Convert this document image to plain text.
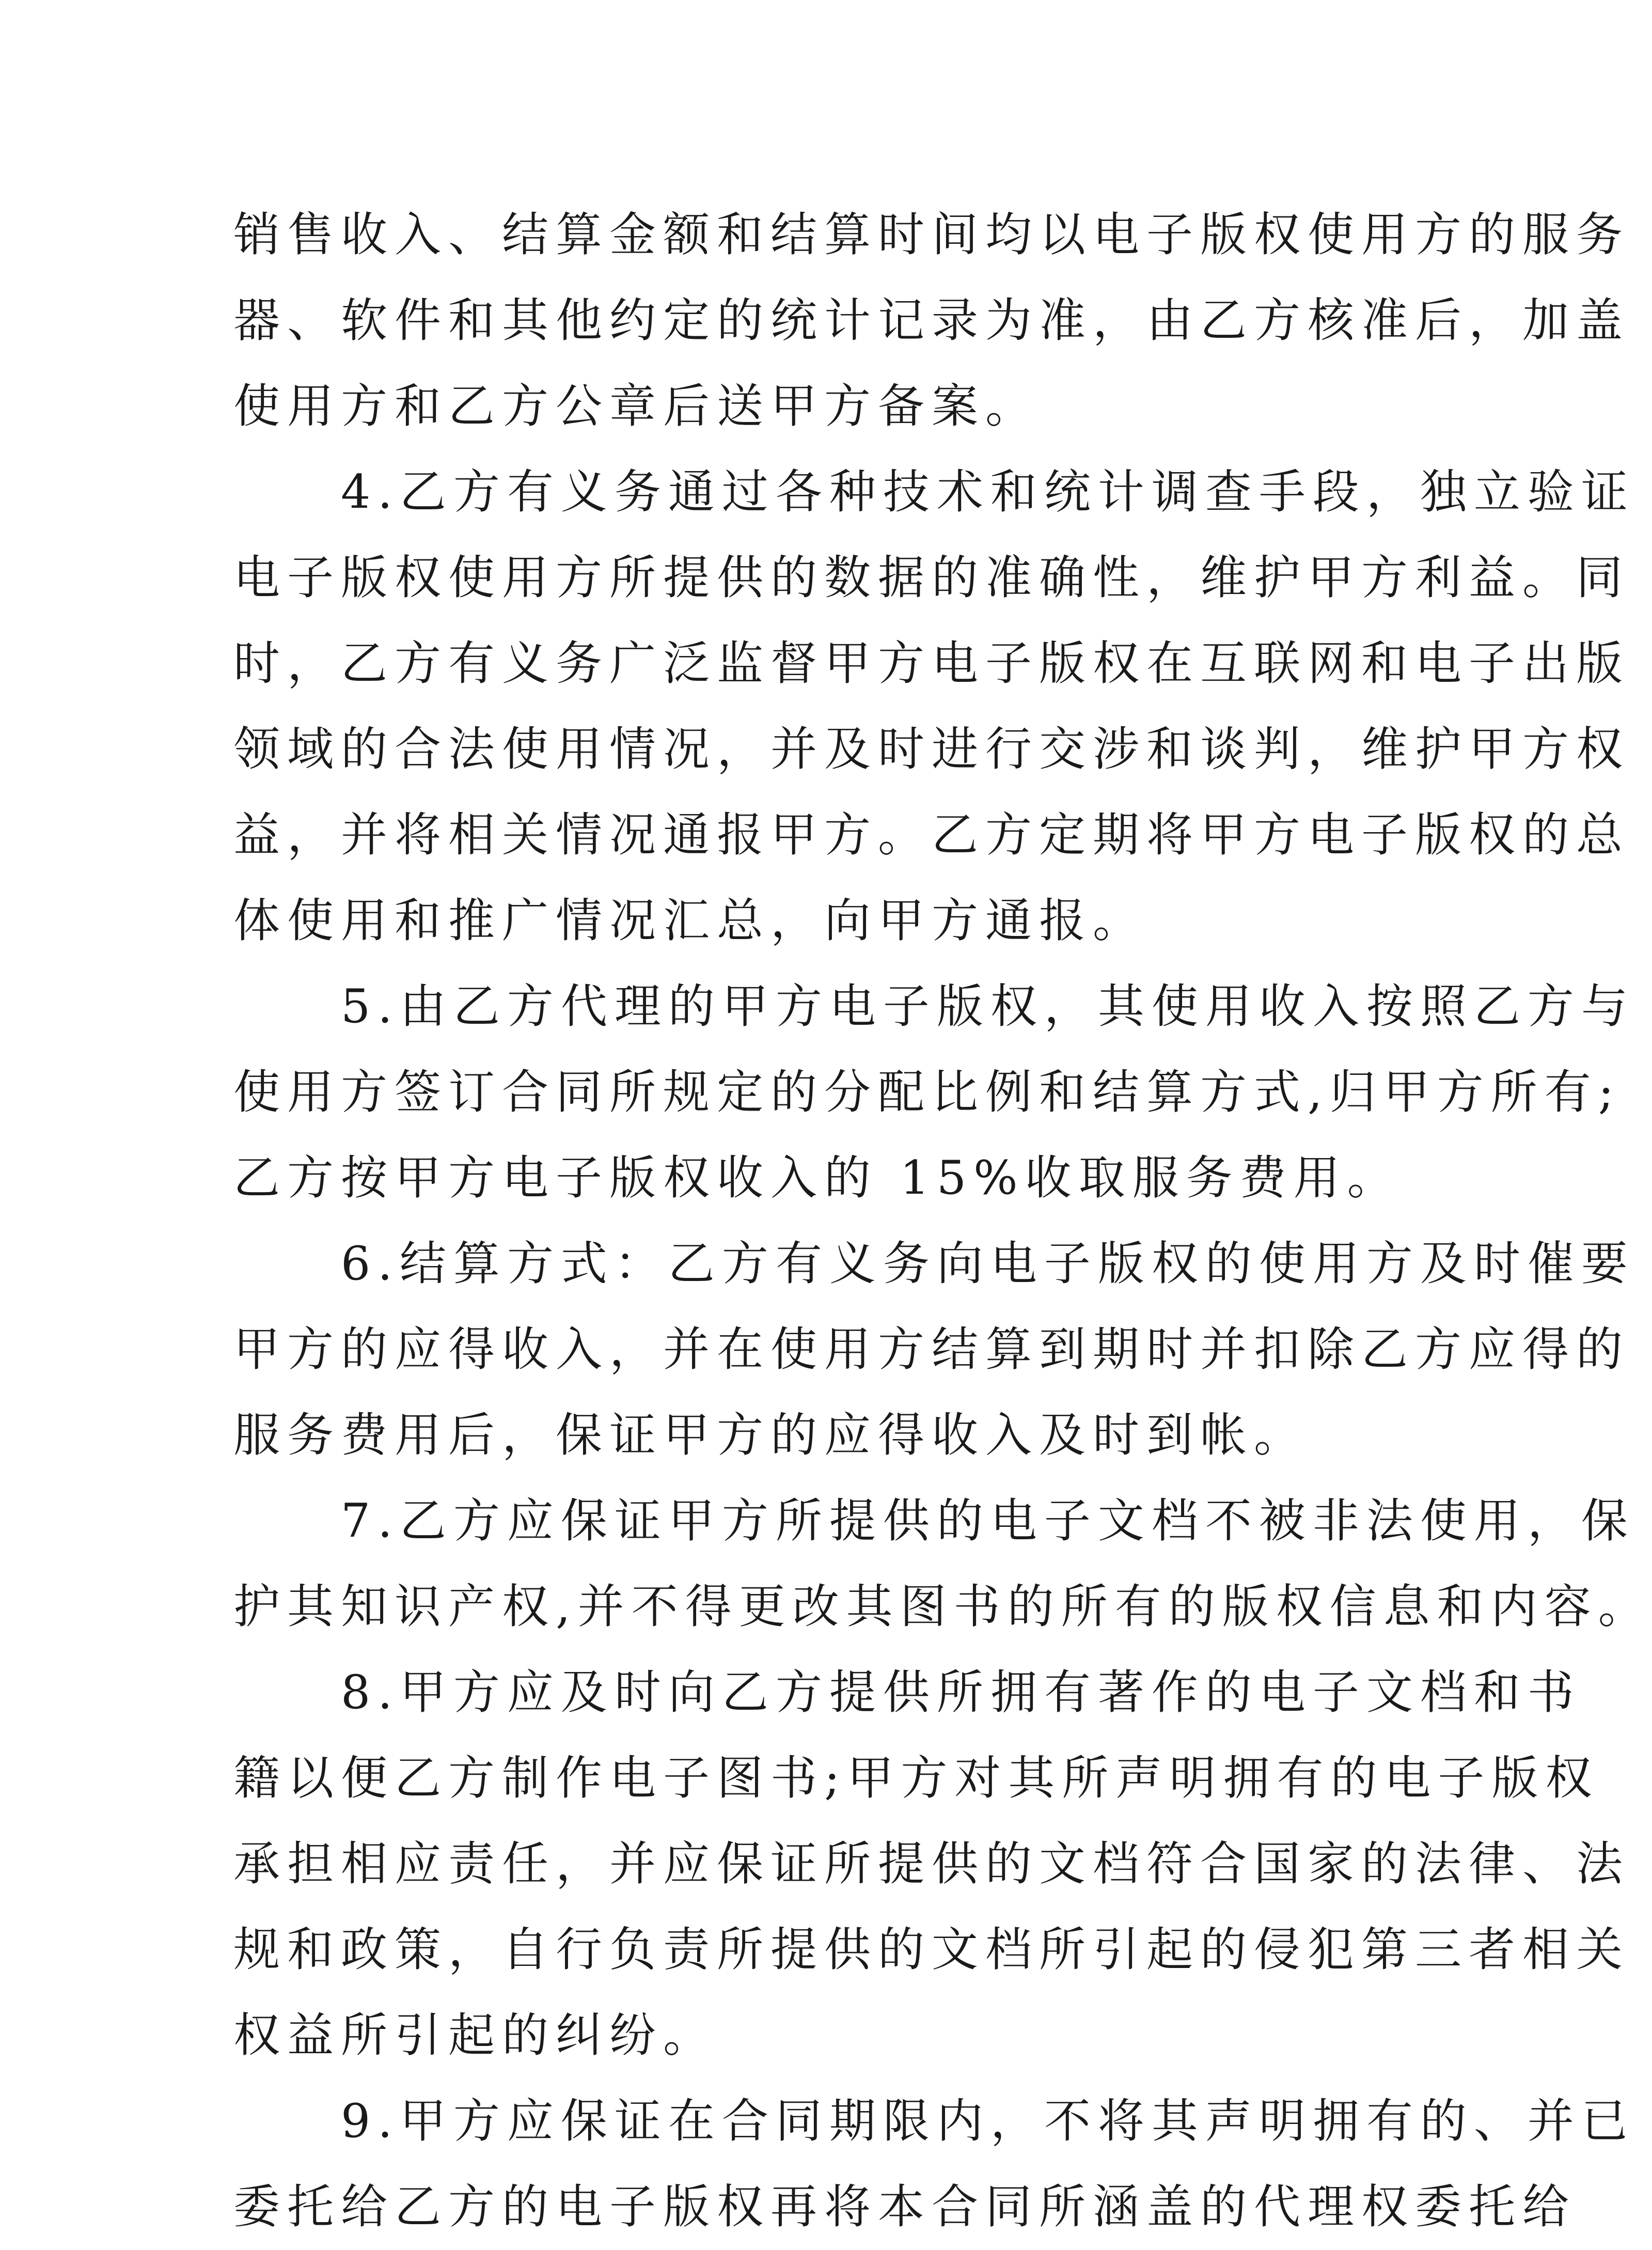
销售收入、结算金额和结算时间均以电子版权使用方的服务
器、软件和其他约定的统计记录为准，由乙方核准后，加盖
使用方和乙方公章后送甲方备案。
　　4.乙方有义务通过各种技术和统计调查手段，独立验证
电子版权使用方所提供的数据的准确性，维护甲方利益。同
时，乙方有义务广泛监督甲方电子版权在互联网和电子出版
领域的合法使用情况，并及时进行交涉和谈判，维护甲方权
益，并将相关情况通报甲方。乙方定期将甲方电子版权的总
体使用和推广情况汇总，向甲方通报。
　　5.由乙方代理的甲方电子版权，其使用收入按照乙方与
使用方签订合同所规定的分配比例和结算方式,归甲方所有;
乙方按甲方电子版权收入的 15%收取服务费用。
　　6.结算方式：乙方有义务向电子版权的使用方及时催要
甲方的应得收入，并在使用方结算到期时并扣除乙方应得的
服务费用后，保证甲方的应得收入及时到帐。
　　7.乙方应保证甲方所提供的电子文档不被非法使用，保
护其知识产权,并不得更改其图书的所有的版权信息和内容。
　　8.甲方应及时向乙方提供所拥有著作的电子文档和书
籍以便乙方制作电子图书;甲方对其所声明拥有的电子版权
承担相应责任，并应保证所提供的文档符合国家的法律、法
规和政策，自行负责所提供的文档所引起的侵犯第三者相关
权益所引起的纠纷。
　　9.甲方应保证在合同期限内，不将其声明拥有的、并已
委托给乙方的电子版权再将本合同所涵盖的代理权委托给
